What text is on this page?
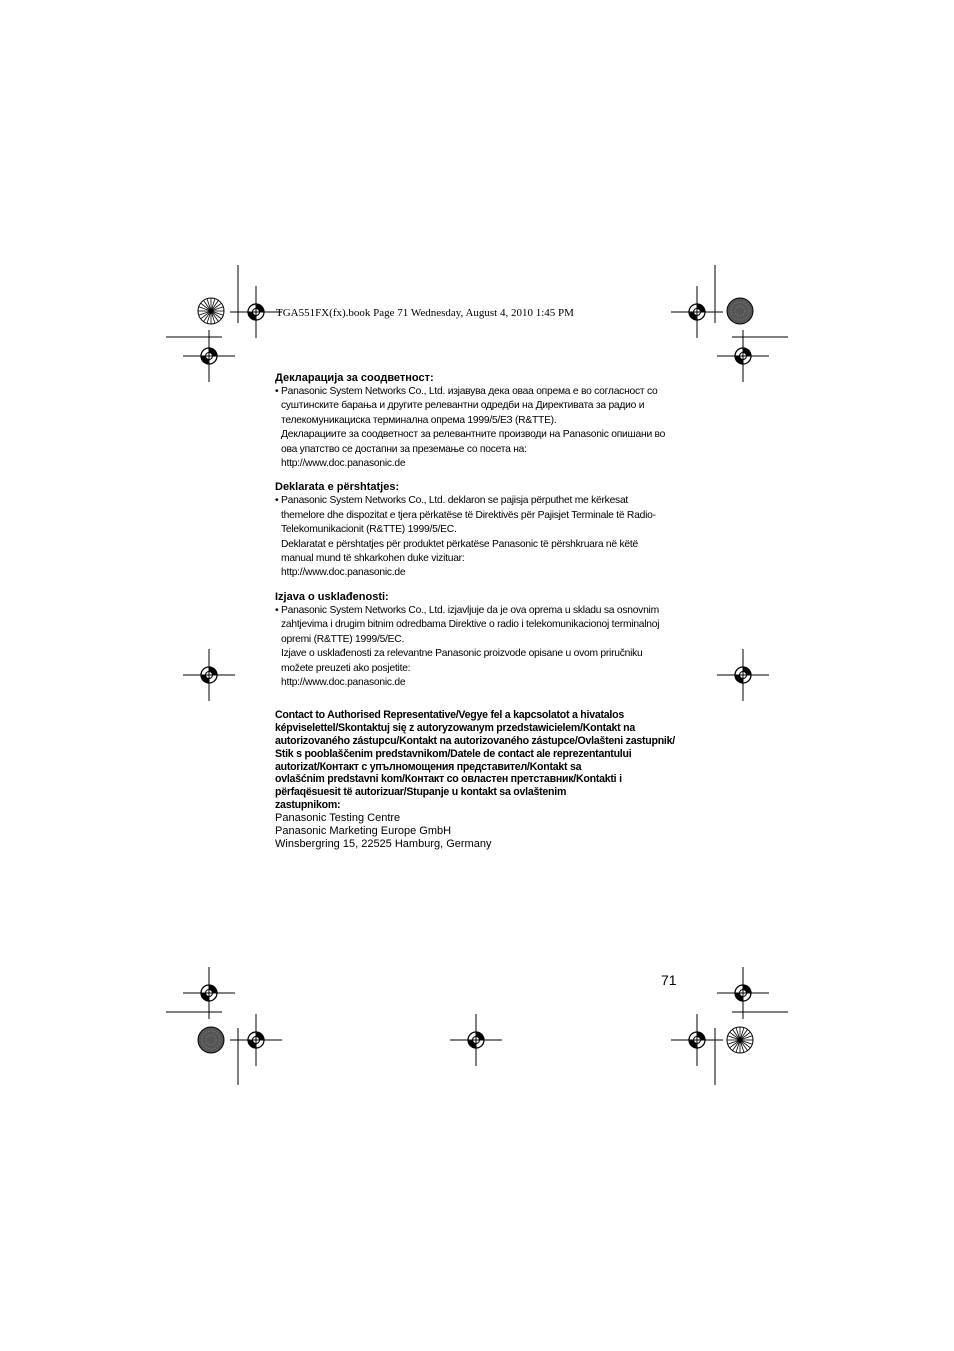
TGA551FX(fx).book Page 71 Wednesday, August 4, 2010 1:45 PM
Декларација за соодветност:
• Panasonic System Networks Co., Ltd. изјавува дека оваа опрема е во согласност со

суштинските барања и другите релевантни одредби на Директивата за радио и

телекомуникациска терминална опрема 1999/5/ЕЗ (R&TTE).

Декларациите за соодветност за релевантните производи на Panasonic опишани во

ова упатство се достапни за преземање со посета на:

http://www.doc.panasonic.de

Deklarata e përshtatjes:
• Panasonic System Networks Co., Ltd. deklaron se pajisja përputhet me kërkesat

themelore dhe dispozitat e tjera përkatëse të Direktivës për Pajisjet Terminale të Radio-

Telekomunikacionit (R&TTE) 1999/5/EC.

Deklaratat e përshtatjes për produktet përkatëse Panasonic të përshkruara në këtë

manual mund të shkarkohen duke vizituar:

http://www.doc.panasonic.de

Izjava o usklađenosti:
• Panasonic System Networks Co., Ltd. izjavljuje da je ova oprema u skladu sa osnovnim

zahtjevima i drugim bitnim odredbama Direktive o radio i telekomunikacionoj terminalnoj

opremi (R&TTE) 1999/5/EC.

Izjave o usklađenosti za relevantne Panasonic proizvode opisane u ovom priručniku

možete preuzeti ako posjetite:

http://www.doc.panasonic.de

Contact to Authorised Representative/Vegye fel a kapcsolatot a hivatalos
képviselettel/Skontaktuj się z autoryzowanym przedstawicielem/Kontakt na
autorizovaného zástupcu/Kontakt na autorizovaného zástupce/Ovlašteni zastupnik/
Stik s pooblaščenim predstavnikom/Datele de contact ale reprezentantului
autorizat/Контакт с упълномощения представител/Kontakt sa
ovlašćnim predstavni kom/Контакт со овластен претставник/Kontakti i
përfaqësuesit të autorizuar/Stupanje u kontakt sa ovlaštenim
zastupnikom:
Panasonic Testing Centre
Panasonic Marketing Europe GmbH
Winsbergring 15, 22525 Hamburg, Germany
71
